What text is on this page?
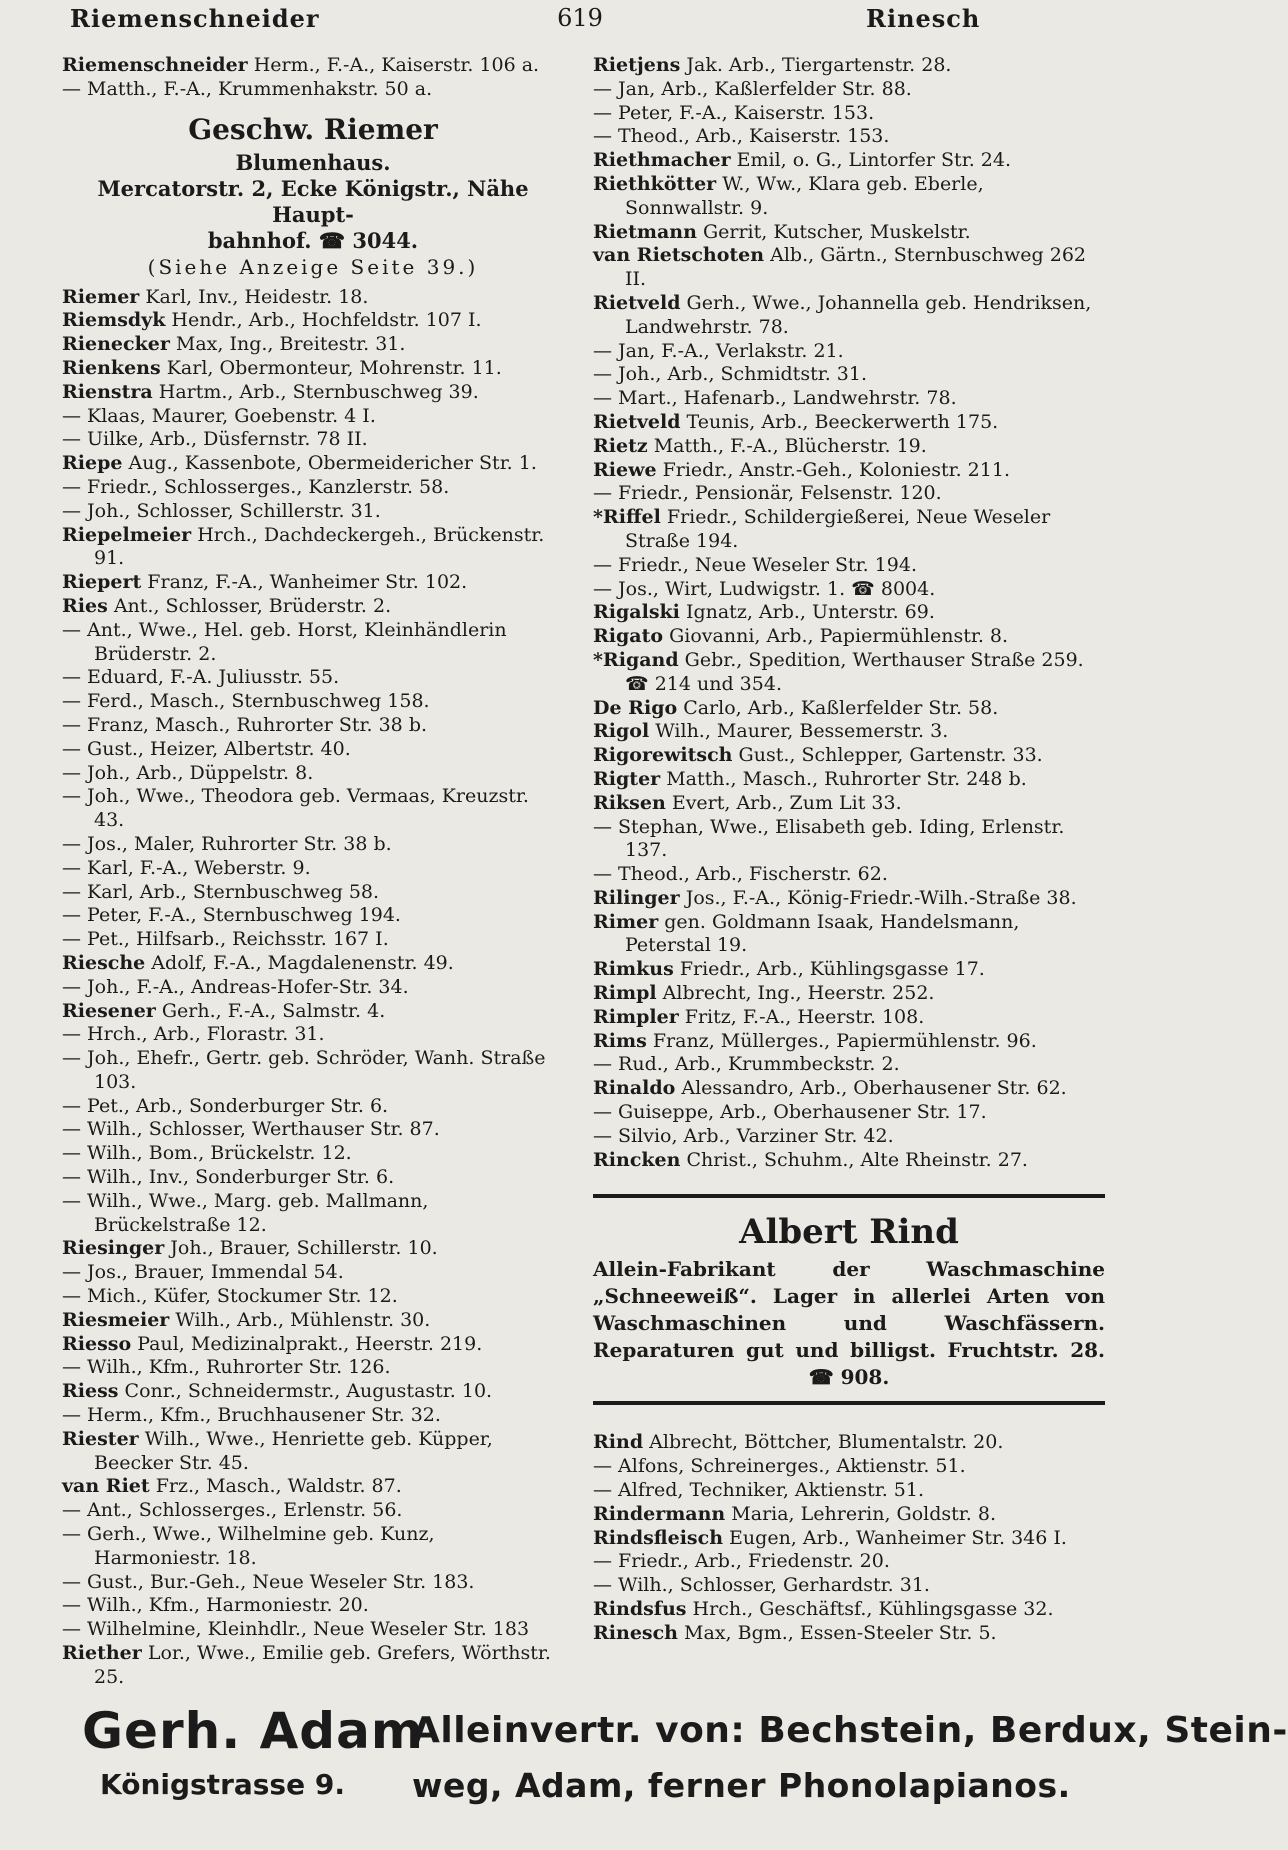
Riemenschneider	619	Rinesch
Riemenschneider Herm., F.-A., Kaiserstr. 106 a.
— Matth., F.-A., Krummenhakstr. 50 a.
Geschw. Riemer
Blumenhaus.
Mercatorstr. 2, Ecke Königstr., Nähe Haupt-
bahnhof. ☎ 3044.
(Siehe Anzeige Seite 39.)
Riemer Karl, Inv., Heidestr. 18.
Riemsdyk Hendr., Arb., Hochfeldstr. 107 I.
Rienecker Max, Ing., Breitestr. 31.
Rienkens Karl, Obermonteur, Mohrenstr. 11.
Rienstra Hartm., Arb., Sternbuschweg 39.
— Klaas, Maurer, Goebenstr. 4 I.
— Uilke, Arb., Düsfernstr. 78 II.
Riepe Aug., Kassenbote, Obermeidericher Str. 1.
— Friedr., Schlosserges., Kanzlerstr. 58.
— Joh., Schlosser, Schillerstr. 31.
Riepelmeier Hrch., Dachdeckergeh., Brückenstr. 91.
Riepert Franz, F.-A., Wanheimer Str. 102.
Ries Ant., Schlosser, Brüderstr. 2.
— Ant., Wwe., Hel. geb. Horst, Kleinhändlerin Brüderstr. 2.
— Eduard, F.-A. Juliusstr. 55.
— Ferd., Masch., Sternbuschweg 158.
— Franz, Masch., Ruhrorter Str. 38 b.
— Gust., Heizer, Albertstr. 40.
— Joh., Arb., Düppelstr. 8.
— Joh., Wwe., Theodora geb. Vermaas, Kreuzstr. 43.
— Jos., Maler, Ruhrorter Str. 38 b.
— Karl, F.-A., Weberstr. 9.
— Karl, Arb., Sternbuschweg 58.
— Peter, F.-A., Sternbuschweg 194.
— Pet., Hilfsarb., Reichsstr. 167 I.
Riesche Adolf, F.-A., Magdalenenstr. 49.
— Joh., F.-A., Andreas-Hofer-Str. 34.
Riesener Gerh., F.-A., Salmstr. 4.
— Hrch., Arb., Florastr. 31.
— Joh., Ehefr., Gertr. geb. Schröder, Wanh. Straße 103.
— Pet., Arb., Sonderburger Str. 6.
— Wilh., Schlosser, Werthauser Str. 87.
— Wilh., Bom., Brückelstr. 12.
— Wilh., Inv., Sonderburger Str. 6.
— Wilh., Wwe., Marg. geb. Mallmann, Brückelstraße 12.
Riesinger Joh., Brauer, Schillerstr. 10.
— Jos., Brauer, Immendal 54.
— Mich., Küfer, Stockumer Str. 12.
Riesmeier Wilh., Arb., Mühlenstr. 30.
Riesso Paul, Medizinalprakt., Heerstr. 219.
— Wilh., Kfm., Ruhrorter Str. 126.
Riess Conr., Schneidermstr., Augustastr. 10.
— Herm., Kfm., Bruchhausener Str. 32.
Riester Wilh., Wwe., Henriette geb. Küpper, Beecker Str. 45.
van Riet Frz., Masch., Waldstr. 87.
— Ant., Schlosserges., Erlenstr. 56.
— Gerh., Wwe., Wilhelmine geb. Kunz, Harmoniestr. 18.
— Gust., Bur.-Geh., Neue Weseler Str. 183.
— Wilh., Kfm., Harmoniestr. 20.
— Wilhelmine, Kleinhdlr., Neue Weseler Str. 183
Riether Lor., Wwe., Emilie geb. Grefers, Wörthstr. 25.
Rietjens Jak. Arb., Tiergartenstr. 28.
— Jan, Arb., Kaßlerfelder Str. 88.
— Peter, F.-A., Kaiserstr. 153.
— Theod., Arb., Kaiserstr. 153.
Riethmacher Emil, o. G., Lintorfer Str. 24.
Riethkötter W., Ww., Klara geb. Eberle, Sonnwallstr. 9.
Rietmann Gerrit, Kutscher, Muskelstr.
van Rietschoten Alb., Gärtn., Sternbuschweg 262 II.
Rietveld Gerh., Wwe., Johannella geb. Hendriksen, Landwehrstr. 78.
— Jan, F.-A., Verlakstr. 21.
— Joh., Arb., Schmidtstr. 31.
— Mart., Hafenarb., Landwehrstr. 78.
Rietveld Teunis, Arb., Beeckerwerth 175.
Rietz Matth., F.-A., Blücherstr. 19.
Riewe Friedr., Anstr.-Geh., Koloniestr. 211.
— Friedr., Pensionär, Felsenstr. 120.
*Riffel Friedr., Schildergießerei, Neue Weseler Straße 194.
— Friedr., Neue Weseler Str. 194.
— Jos., Wirt, Ludwigstr. 1. ☎ 8004.
Rigalski Ignatz, Arb., Unterstr. 69.
Rigato Giovanni, Arb., Papiermühlenstr. 8.
*Rigand Gebr., Spedition, Werthauser Straße 259. ☎ 214 und 354.
De Rigo Carlo, Arb., Kaßlerfelder Str. 58.
Rigol Wilh., Maurer, Bessemerstr. 3.
Rigorewitsch Gust., Schlepper, Gartenstr. 33.
Rigter Matth., Masch., Ruhrorter Str. 248 b.
Riksen Evert, Arb., Zum Lit 33.
— Stephan, Wwe., Elisabeth geb. Iding, Erlenstr. 137.
— Theod., Arb., Fischerstr. 62.
Rilinger Jos., F.-A., König-Friedr.-Wilh.-Straße 38.
Rimer gen. Goldmann Isaak, Handelsmann, Peterstal 19.
Rimkus Friedr., Arb., Kühlingsgasse 17.
Rimpl Albrecht, Ing., Heerstr. 252.
Rimpler Fritz, F.-A., Heerstr. 108.
Rims Franz, Müllerges., Papiermühlenstr. 96.
— Rud., Arb., Krummbeckstr. 2.
Rinaldo Alessandro, Arb., Oberhausener Str. 62.
— Guiseppe, Arb., Oberhausener Str. 17.
— Silvio, Arb., Varziner Str. 42.
Rincken Christ., Schuhm., Alte Rheinstr. 27.
Albert Rind
Allein-Fabrikant der Waschmaschine „Schneeweiß“. Lager in allerlei Arten von Waschmaschinen und Waschfässern. Reparaturen gut und billigst. Fruchtstr. 28. ☎ 908.
Rind Albrecht, Böttcher, Blumentalstr. 20.
— Alfons, Schreinerges., Aktienstr. 51.
— Alfred, Techniker, Aktienstr. 51.
Rindermann Maria, Lehrerin, Goldstr. 8.
Rindsfleisch Eugen, Arb., Wanheimer Str. 346 I.
— Friedr., Arb., Friedenstr. 20.
— Wilh., Schlosser, Gerhardstr. 31.
Rindsfus Hrch., Geschäftsf., Kühlingsgasse 32.
Rinesch Max, Bgm., Essen-Steeler Str. 5.
Gerh. Adam
Königstrasse 9.
Alleinvertr. von: Bechstein, Berdux, Stein-
weg, Adam, ferner Phonolapianos.
